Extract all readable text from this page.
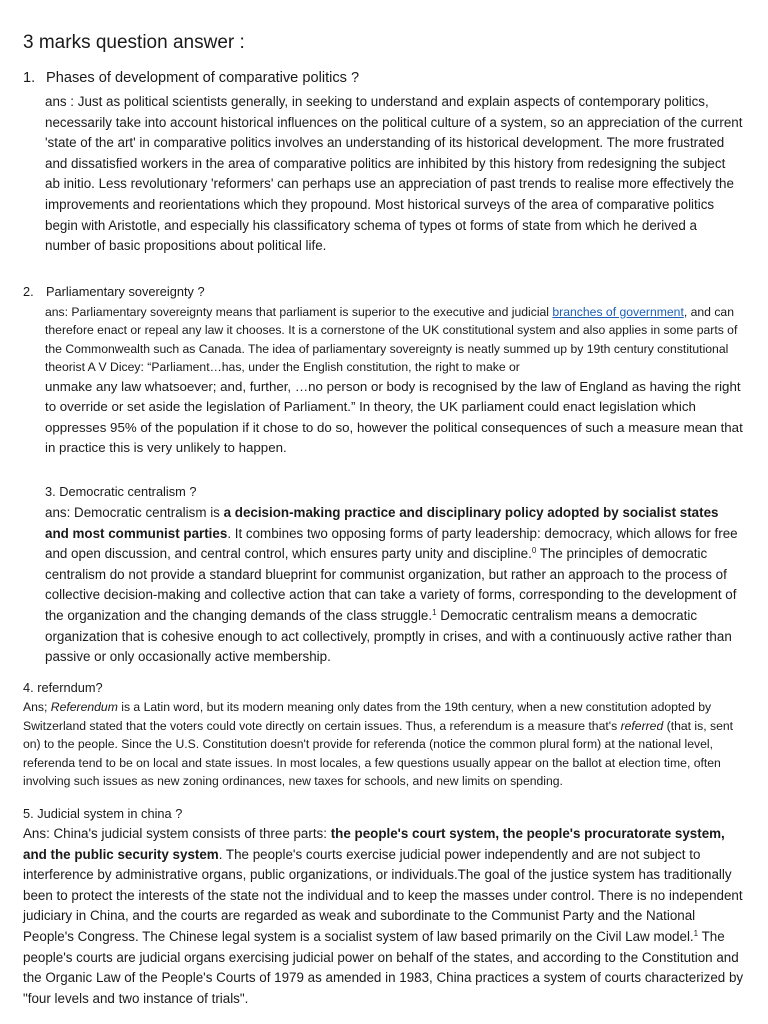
3 marks question answer :
1. Phases of development of comparative politics ?

ans : Just as political scientists generally, in seeking to understand and explain aspects of contemporary politics, necessarily take into account historical influences on the political culture of a system, so an appreciation of the current 'state of the art' in comparative politics involves an understanding of its historical development. The more frustrated and dissatisfied workers in the area of comparative politics are inhibited by this history from redesigning the subject ab initio. Less revolutionary 'reformers' can perhaps use an appreciation of past trends to realise more effectively the improvements and reorientations which they propound. Most historical surveys of the area of comparative politics begin with Aristotle, and especially his classificatory schema of types ot forms of state from which he derived a number of basic propositions about political life.

2. Parliamentary sovereignty ?

ans: Parliamentary sovereignty means that parliament is superior to the executive and judicial branches of government, and can therefore enact or repeal any law it chooses. It is a cornerstone of the UK constitutional system and also applies in some parts of the Commonwealth such as Canada. The idea of parliamentary sovereignty is neatly summed up by 19th century constitutional theorist A V Dicey: “Parliament…has, under the English constitution, the right to make or

unmake any law whatsoever; and, further, …no person or body is recognised by the law of England as having the right to override or set aside the legislation of Parliament.” In theory, the UK parliament could enact legislation which oppresses 95% of the population if it chose to do so, however the political consequences of such a measure mean that in practice this is very unlikely to happen.

3. Democratic centralism ?

ans: Democratic centralism is a decision-making practice and disciplinary policy adopted by socialist states and most communist parties. It combines two opposing forms of party leadership: democracy, which allows for free and open discussion, and central control, which ensures party unity and discipline.$^0$ The principles of democratic centralism do not provide a standard blueprint for communist organization, but rather an approach to the process of collective decision-making and collective action that can take a variety of forms, corresponding to the development of the organization and the changing demands of the class struggle.$^1$ Democratic centralism means a democratic organization that is cohesive enough to act collectively, promptly in crises, and with a continuously active rather than passive or only occasionally active membership.

4. referndum?

Ans; Referendum is a Latin word, but its modern meaning only dates from the 19th century, when a new constitution adopted by Switzerland stated that the voters could vote directly on certain issues. Thus, a referendum is a measure that's referred (that is, sent on) to the people. Since the U.S. Constitution doesn't provide for referenda (notice the common plural form) at the national level, referenda tend to be on local and state issues. In most locales, a few questions usually appear on the ballot at election time, often involving such issues as new zoning ordinances, new taxes for schools, and new limits on spending.

5. Judicial system in china ?

Ans: China's judicial system consists of three parts: the people's court system, the people's procuratorate system, and the public security system. The people's courts exercise judicial power independently and are not subject to interference by administrative organs, public organizations, or individuals.The goal of the justice system has traditionally been to protect the interests of the state not the individual and to keep the masses under control. There is no independent judiciary in China, and the courts are regarded as weak and subordinate to the Communist Party and the National People's Congress. The Chinese legal system is a socialist system of law based primarily on the Civil Law model.$^1$ The people's courts are judicial organs exercising judicial power on behalf of the states, and according to the Constitution and the Organic Law of the People's Courts of 1979 as amended in 1983, China practices a system of courts characterized by "four levels and two instance of trials".
